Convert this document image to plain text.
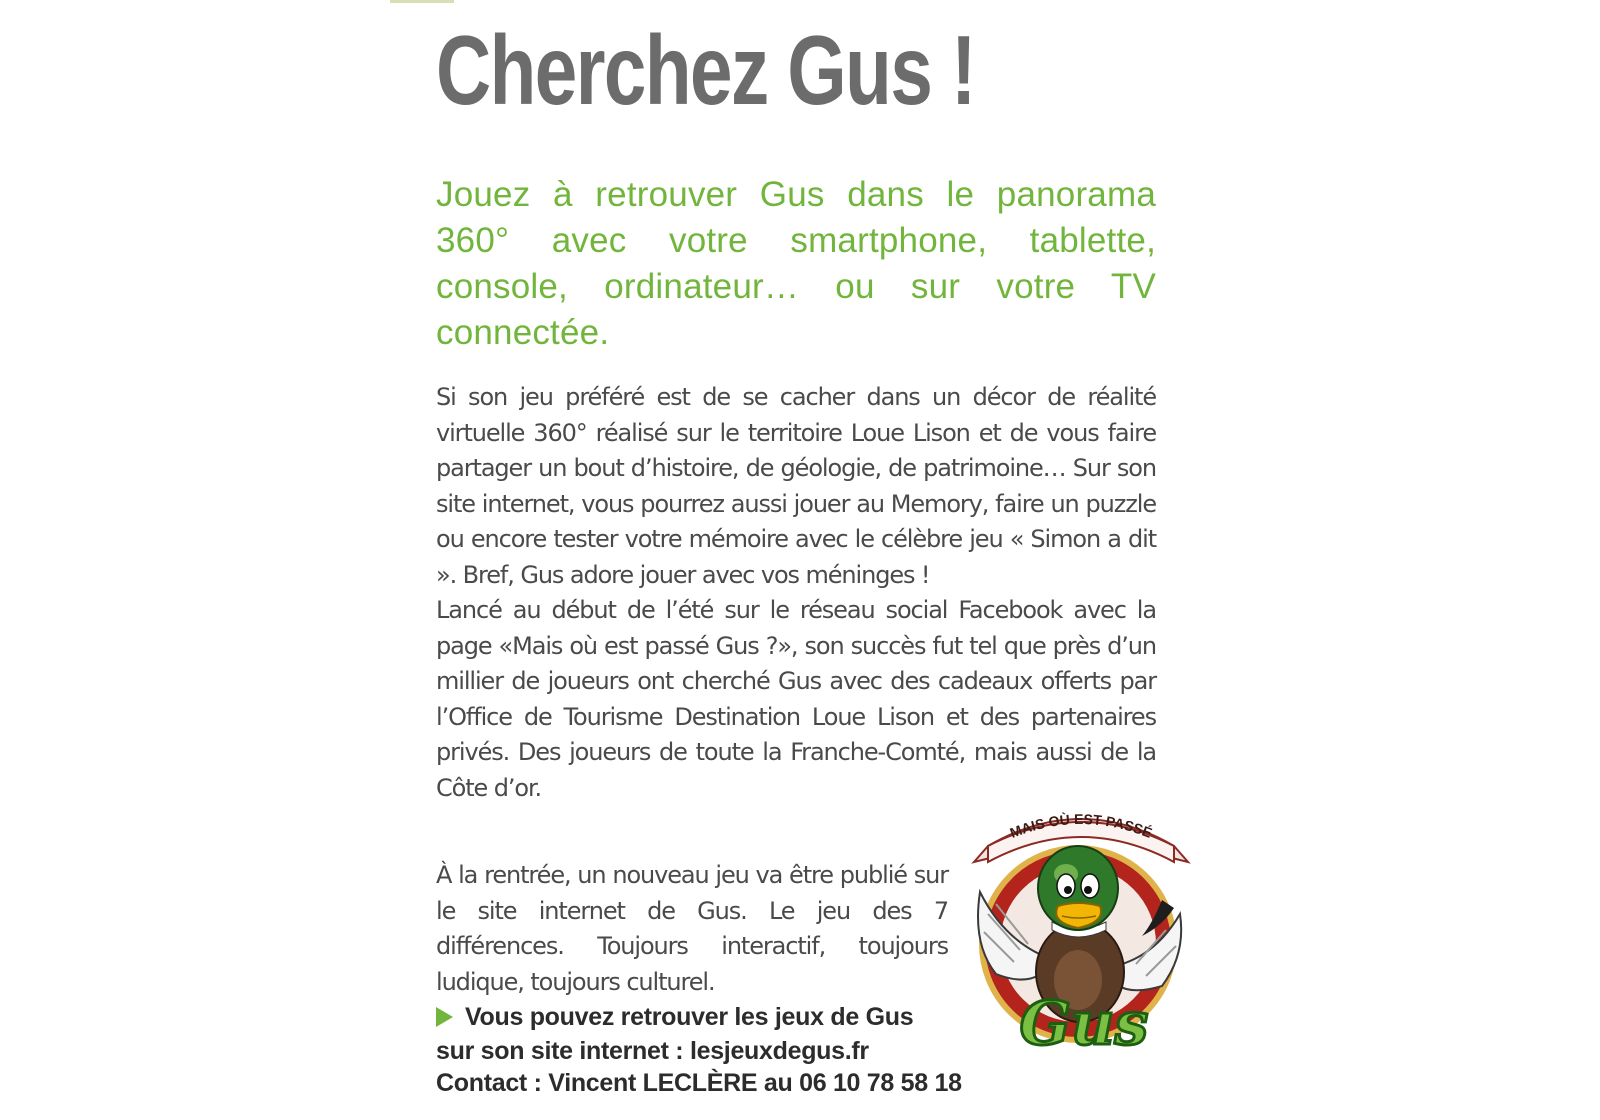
Cherchez Gus !
Jouez à retrouver Gus dans le panorama 360° avec votre smartphone, tablette, console, ordinateur… ou sur votre TV connectée.

Si son jeu préféré est de se cacher dans un décor de réalité virtuelle 360° réalisé sur le territoire Loue Lison et de vous faire partager un bout d’histoire, de géologie, de patrimoine… Sur son site internet, vous pourrez aussi jouer au Memory, faire un puzzle ou encore tester votre mémoire avec le célèbre jeu « Simon a dit ». Bref, Gus adore jouer avec vos méninges !

Lancé au début de l’été sur le réseau social Facebook avec la page «Mais où est passé Gus ?», son succès fut tel que près d’un millier de joueurs ont cherché Gus avec des cadeaux offerts par l’Office de Tourisme Destination Loue Lison et des partenaires privés. Des joueurs de toute la Franche-Comté, mais aussi de la Côte d’or.

À la rentrée, un nouveau jeu va être publié sur le site internet de Gus. Le jeu des 7 différences. Toujours interactif, toujours ludique, toujours culturel.

Vous pouvez retrouver les jeux de Gus
sur son site internet : lesjeuxdegus.fr
Contact : Vincent LECLÈRE au 06 10 78 58 18
MAIS OÙ EST PASSÉ
Gus
